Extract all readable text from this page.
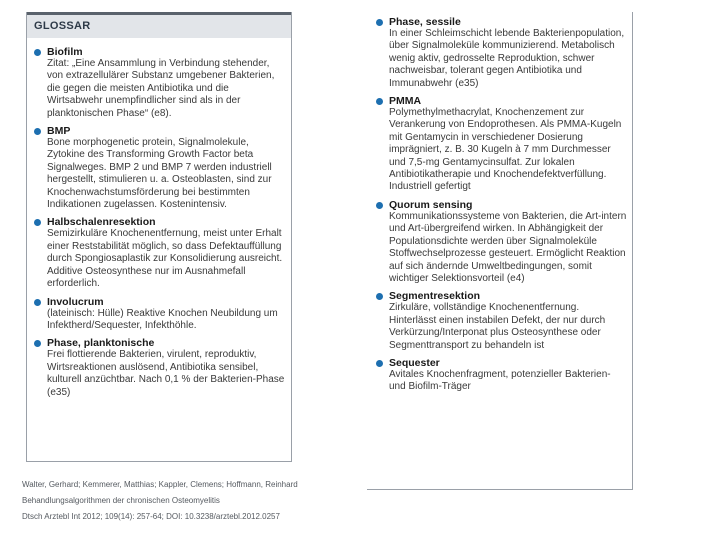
GLOSSAR
Biofilm
Zitat: „Eine Ansammlung in Verbindung stehender, von extrazellulärer Substanz umgebener Bakterien, die gegen die meisten Antibiotika und die Wirtsabwehr unempfindlicher sind als in der planktonischen Phase“ (e8).
BMP
Bone morphogenetic protein, Signalmolekule, Zytokine des Transforming Growth Factor beta Signalweges. BMP 2 und BMP 7 werden industriell hergestellt, stimulieren u. a. Osteoblasten, sind zur Knochenwachstumsförderung bei bestimmten Indikationen zugelassen. Kostenintensiv.
Halbschalenresektion
Semizirkuläre Knochenentfernung, meist unter Erhalt einer Reststabilität möglich, so dass Defektauffüllung durch Spongiosaplastik zur Konsolidierung ausreicht. Additive Osteosynthese nur im Ausnahmefall erforderlich.
Involucrum
(lateinisch: Hülle) Reaktive Knochen Neubildung um Infektherd/Sequester, Infekthöhle.
Phase, planktonische
Frei flottierende Bakterien, virulent, reproduktiv, Wirtsreaktionen auslösend, Antibiotika sensibel, kulturell anzüchtbar. Nach 0,1 % der Bakterien-Phase (e35)
Phase, sessile
In einer Schleimschicht lebende Bakterienpopulation, über Signalmoleküle kommunizierend. Metabolisch wenig aktiv, gedrosselte Reproduktion, schwer nachweisbar, tolerant gegen Antibiotika und Immunabwehr (e35)
PMMA
Polymethylmethacrylat, Knochenzement zur Verankerung von Endoprothesen. Als PMMA-Kugeln mit Gentamycin in verschiedener Dosierung imprägniert, z. B. 30 Kugeln à 7 mm Durchmesser und 7,5-mg Gentamycinsulfat. Zur lokalen Antibiotikatherapie und Knochendefektverfüllung. Industriell gefertigt
Quorum sensing
Kommunikationssysteme von Bakterien, die Art-intern und Art-übergreifend wirken. In Abhängigkeit der Populationsdichte werden über Signalmoleküle Stoffwechselprozesse gesteuert. Ermöglicht Reaktion auf sich ändernde Umweltbedingungen, somit wichtiger Selektionsvorteil (e4)
Segmentresektion
Zirkuläre, vollständige Knochenentfernung. Hinterlässt einen instabilen Defekt, der nur durch Verkürzung/Interponat plus Osteosynthese oder Segmenttransport zu behandeln ist
Sequester
Avitales Knochenfragment, potenzieller Bakterien- und Biofilm-Träger
Walter, Gerhard; Kemmerer, Matthias; Kappler, Clemens; Hoffmann, Reinhard
Behandlungsalgorithmen der chronischen Osteomyelitis
Dtsch Arztebl Int 2012; 109(14): 257-64; DOI: 10.3238/arztebl.2012.0257
